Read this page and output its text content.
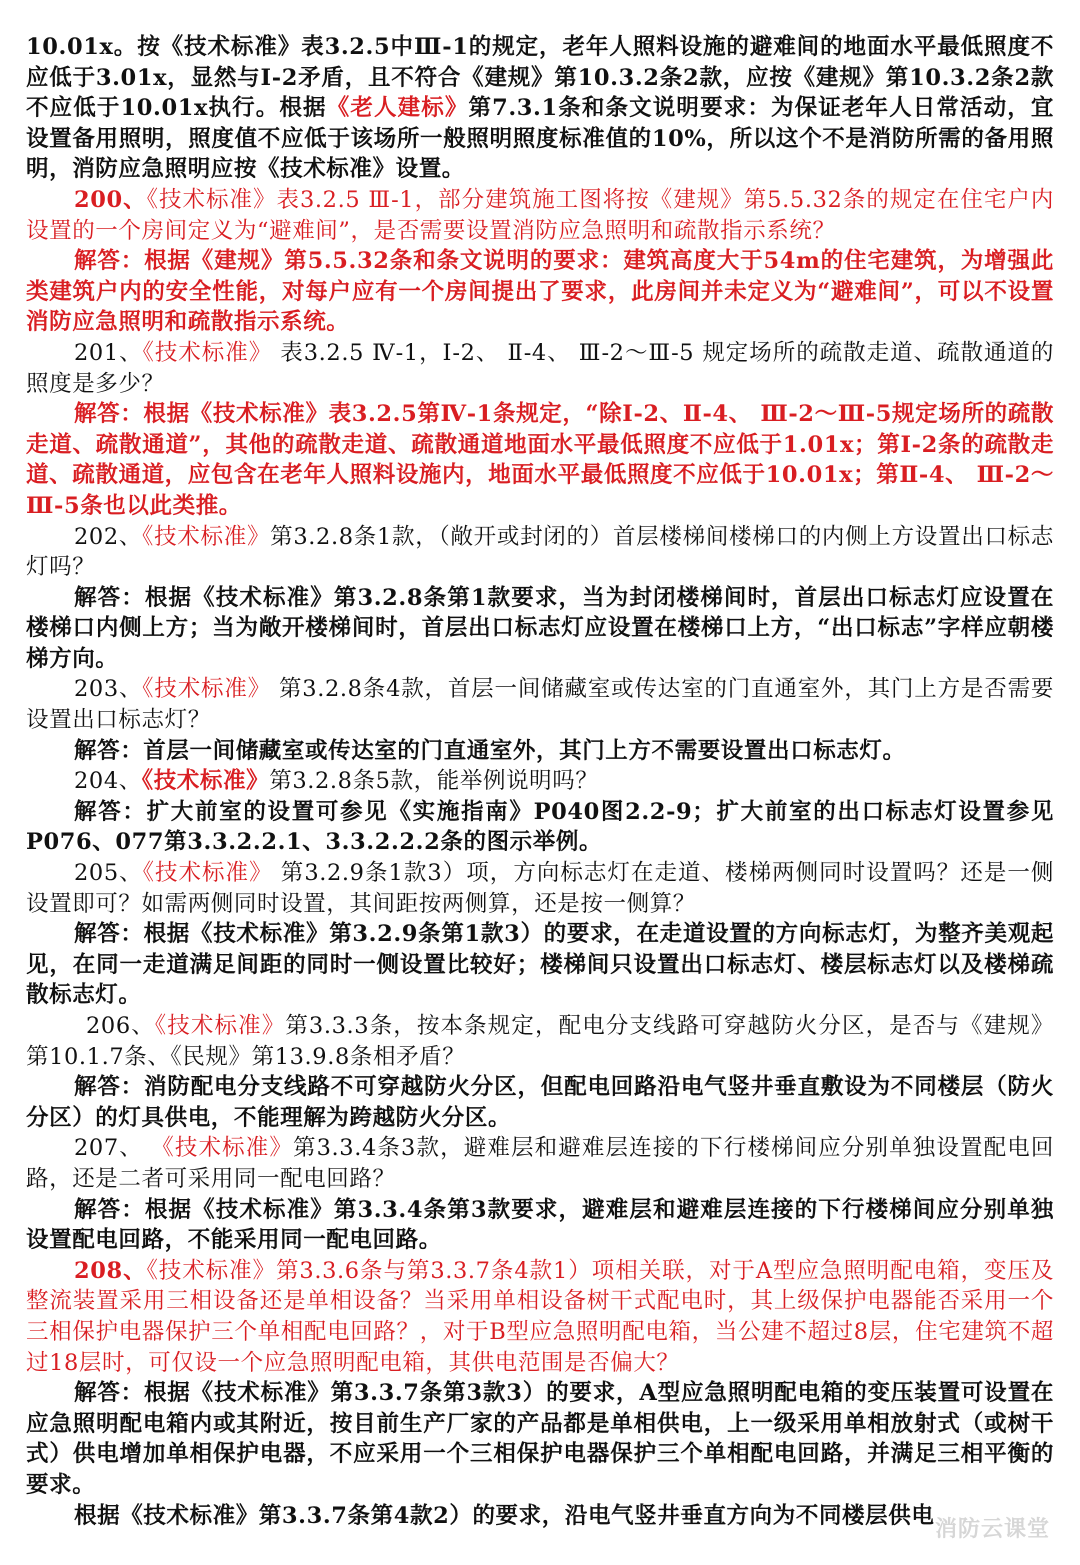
10.01x。按《技术标准》表3.2.5中Ⅲ-1的规定，老年人照料设施的避难间的地面水平最低照度不应低于3.01x，显然与Ⅰ-2矛盾，且不符合《建规》第10.3.2条2款，应按《建规》第10.3.2条2款不应低于10.01x执行。根据《老人建标》第7.3.1条和条文说明要求：为保证老年人日常活动，宜设置备用照明，照度值不应低于该场所一般照明照度标准值的10%，所以这个不是消防所需的备用照明，消防应急照明应按《技术标准》设置。

200、《技术标准》表3.2.5 Ⅲ-1，部分建筑施工图将按《建规》第5.5.32条的规定在住宅户内设置的一个房间定义为“避难间”，是否需要设置消防应急照明和疏散指示系统？

解答：根据《建规》第5.5.32条和条文说明的要求：建筑高度大于54m的住宅建筑，为增强此类建筑户内的安全性能，对每户应有一个房间提出了要求，此房间并未定义为“避难间”，可以不设置消防应急照明和疏散指示系统。

201、《技术标准》 表3.2.5 Ⅳ-1，Ⅰ-2、 Ⅱ-4、 Ⅲ-2～Ⅲ-5 规定场所的疏散走道、疏散通道的照度是多少？

解答：根据《技术标准》表3.2.5第Ⅳ-1条规定，“除Ⅰ-2、Ⅱ-4、 Ⅲ-2～Ⅲ-5规定场所的疏散走道、疏散通道”，其他的疏散走道、疏散通道地面水平最低照度不应低于1.01x；第Ⅰ-2条的疏散走道、疏散通道，应包含在老年人照料设施内，地面水平最低照度不应低于10.01x；第Ⅱ-4、 Ⅲ-2～Ⅲ-5条也以此类推。

202、《技术标准》第3.2.8条1款，（敞开或封闭的）首层楼梯间楼梯口的内侧上方设置出口标志灯吗？

解答：根据《技术标准》第3.2.8条第1款要求，当为封闭楼梯间时，首层出口标志灯应设置在楼梯口内侧上方；当为敞开楼梯间时，首层出口标志灯应设置在楼梯口上方，“出口标志”字样应朝楼梯方向。

203、《技术标准》 第3.2.8条4款，首层一间储藏室或传达室的门直通室外，其门上方是否需要设置出口标志灯？

解答：首层一间储藏室或传达室的门直通室外，其门上方不需要设置出口标志灯。

204、《技术标准》第3.2.8条5款，能举例说明吗？

解答：扩大前室的设置可参见《实施指南》P040图2.2-9；扩大前室的出口标志灯设置参见P076、077第3.3.2.2.1、3.3.2.2.2条的图示举例。

205、《技术标准》 第3.2.9条1款3）项，方向标志灯在走道、楼梯两侧同时设置吗？还是一侧设置即可？如需两侧同时设置，其间距按两侧算，还是按一侧算？

解答：根据《技术标准》第3.2.9条第1款3）的要求，在走道设置的方向标志灯，为整齐美观起见，在同一走道满足间距的同时一侧设置比较好；楼梯间只设置出口标志灯、楼层标志灯以及楼梯疏散标志灯。

206、《技术标准》第3.3.3条，按本条规定，配电分支线路可穿越防火分区，是否与《建规》第10.1.7条、《民规》第13.9.8条相矛盾？

解答：消防配电分支线路不可穿越防火分区，但配电回路沿电气竖井垂直敷设为不同楼层（防火分区）的灯具供电，不能理解为跨越防火分区。

207、 《技术标准》第3.3.4条3款，避难层和避难层连接的下行楼梯间应分别单独设置配电回路，还是二者可采用同一配电回路？

解答：根据《技术标准》第3.3.4条第3款要求，避难层和避难层连接的下行楼梯间应分别单独设置配电回路，不能采用同一配电回路。

208、《技术标准》第3.3.6条与第3.3.7条4款1）项相关联，对于A型应急照明配电箱，变压及整流装置采用三相设备还是单相设备？当采用单相设备树干式配电时，其上级保护电器能否采用一个三相保护电器保护三个单相配电回路？，对于B型应急照明配电箱，当公建不超过8层，住宅建筑不超过18层时，可仅设一个应急照明配电箱，其供电范围是否偏大？

解答：根据《技术标准》第3.3.7条第3款3）的要求，A型应急照明配电箱的变压装置可设置在应急照明配电箱内或其附近，按目前生产厂家的产品都是单相供电，上一级采用单相放射式（或树干式）供电增加单相保护电器，不应采用一个三相保护电器保护三个单相配电回路，并满足三相平衡的要求。

根据《技术标准》第3.3.7条第4款2）的要求，沿电气竖井垂直方向为不同楼层供电

消防云课堂
